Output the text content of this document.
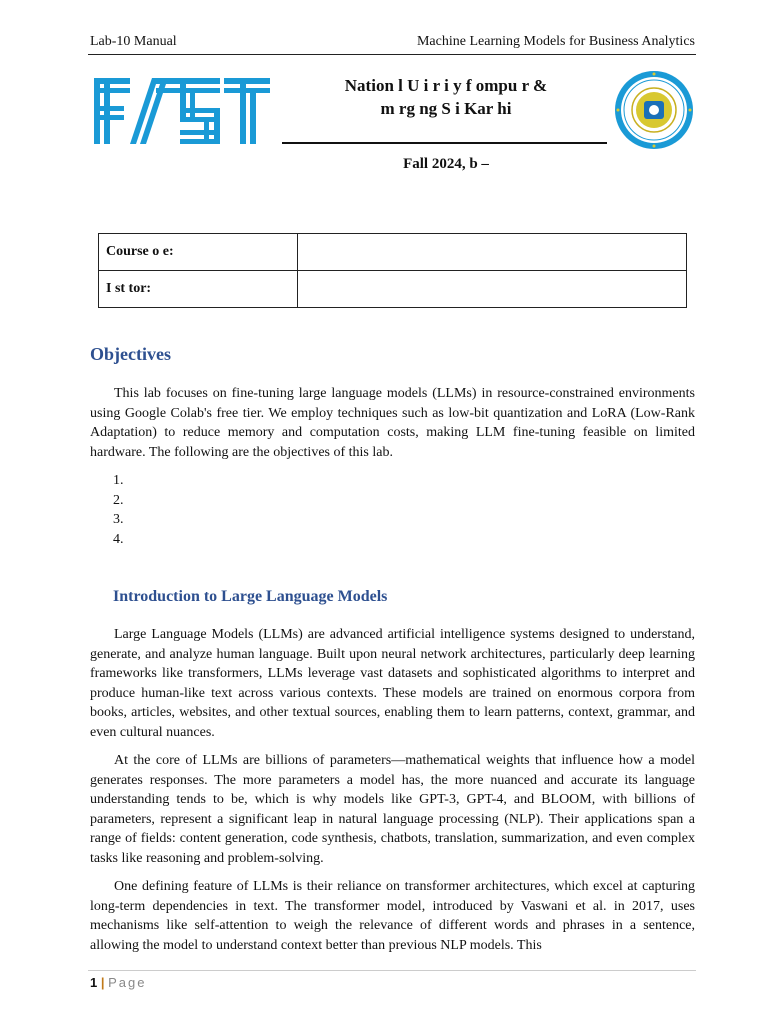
Lab-10 Manual	Machine Learning Models for Business Analytics
Nation l U i r i y f ompu r &
m rg ng S i Kar hi
Fall 2024, b –
Course o e:	
I st tor:	
Objectives

This lab focuses on fine-tuning large language models (LLMs) in resource-constrained environments using Google Colab's free tier. We employ techniques such as low-bit quantization and LoRA (Low-Rank Adaptation) to reduce memory and computation costs, making LLM fine-tuning feasible on limited hardware. The following are the objectives of this lab.

1.
2.
3.
4.
Introduction to Large Language Models

Large Language Models (LLMs) are advanced artificial intelligence systems designed to understand, generate, and analyze human language. Built upon neural network architectures, particularly deep learning frameworks like transformers, LLMs leverage vast datasets and sophisticated algorithms to interpret and produce human-like text across various contexts. These models are trained on enormous corpora from books, articles, websites, and other textual sources, enabling them to learn patterns, context, grammar, and even cultural nuances.

At the core of LLMs are billions of parameters—mathematical weights that influence how a model generates responses. The more parameters a model has, the more nuanced and accurate its language understanding tends to be, which is why models like GPT-3, GPT-4, and BLOOM, with billions of parameters, represent a significant leap in natural language processing (NLP). Their applications span a range of fields: content generation, code synthesis, chatbots, translation, summarization, and even complex tasks like reasoning and problem-solving.

One defining feature of LLMs is their reliance on transformer architectures, which excel at capturing long-term dependencies in text. The transformer model, introduced by Vaswani et al. in 2017, uses mechanisms like self-attention to weigh the relevance of different words and phrases in a sentence, allowing the model to understand context better than previous NLP models. This

1 | Page
